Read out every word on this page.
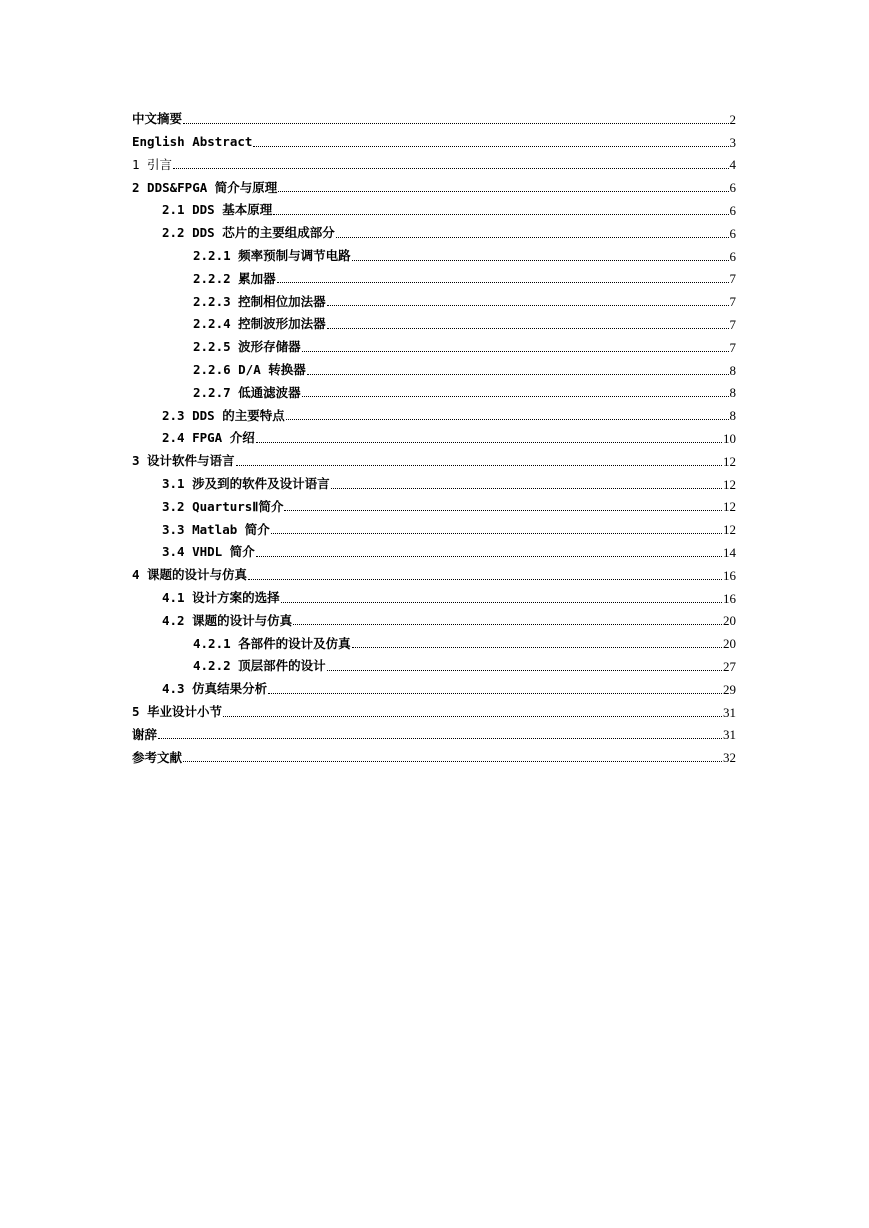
中文摘要	2
English Abstract	3
1 引言	4
2 DDS&FPGA 简介与原理	6
2.1 DDS 基本原理	6
2.2 DDS 芯片的主要组成部分	6
2.2.1 频率预制与调节电路	6
2.2.2 累加器	7
2.2.3 控制相位加法器	7
2.2.4 控制波形加法器	7
2.2.5 波形存储器	7
2.2.6 D/A 转换器	8
2.2.7 低通滤波器	8
2.3 DDS 的主要特点	8
2.4 FPGA 介绍	10
3 设计软件与语言	12
3.1 涉及到的软件及设计语言	12
3.2 QuartursⅡ简介	12
3.3 Matlab 简介	12
3.4 VHDL 简介	14
4 课题的设计与仿真	16
4.1 设计方案的选择	16
4.2 课题的设计与仿真	20
4.2.1 各部件的设计及仿真	20
4.2.2 顶层部件的设计	27
4.3 仿真结果分析	29
5 毕业设计小节	31
谢辞	31
参考文献	32
